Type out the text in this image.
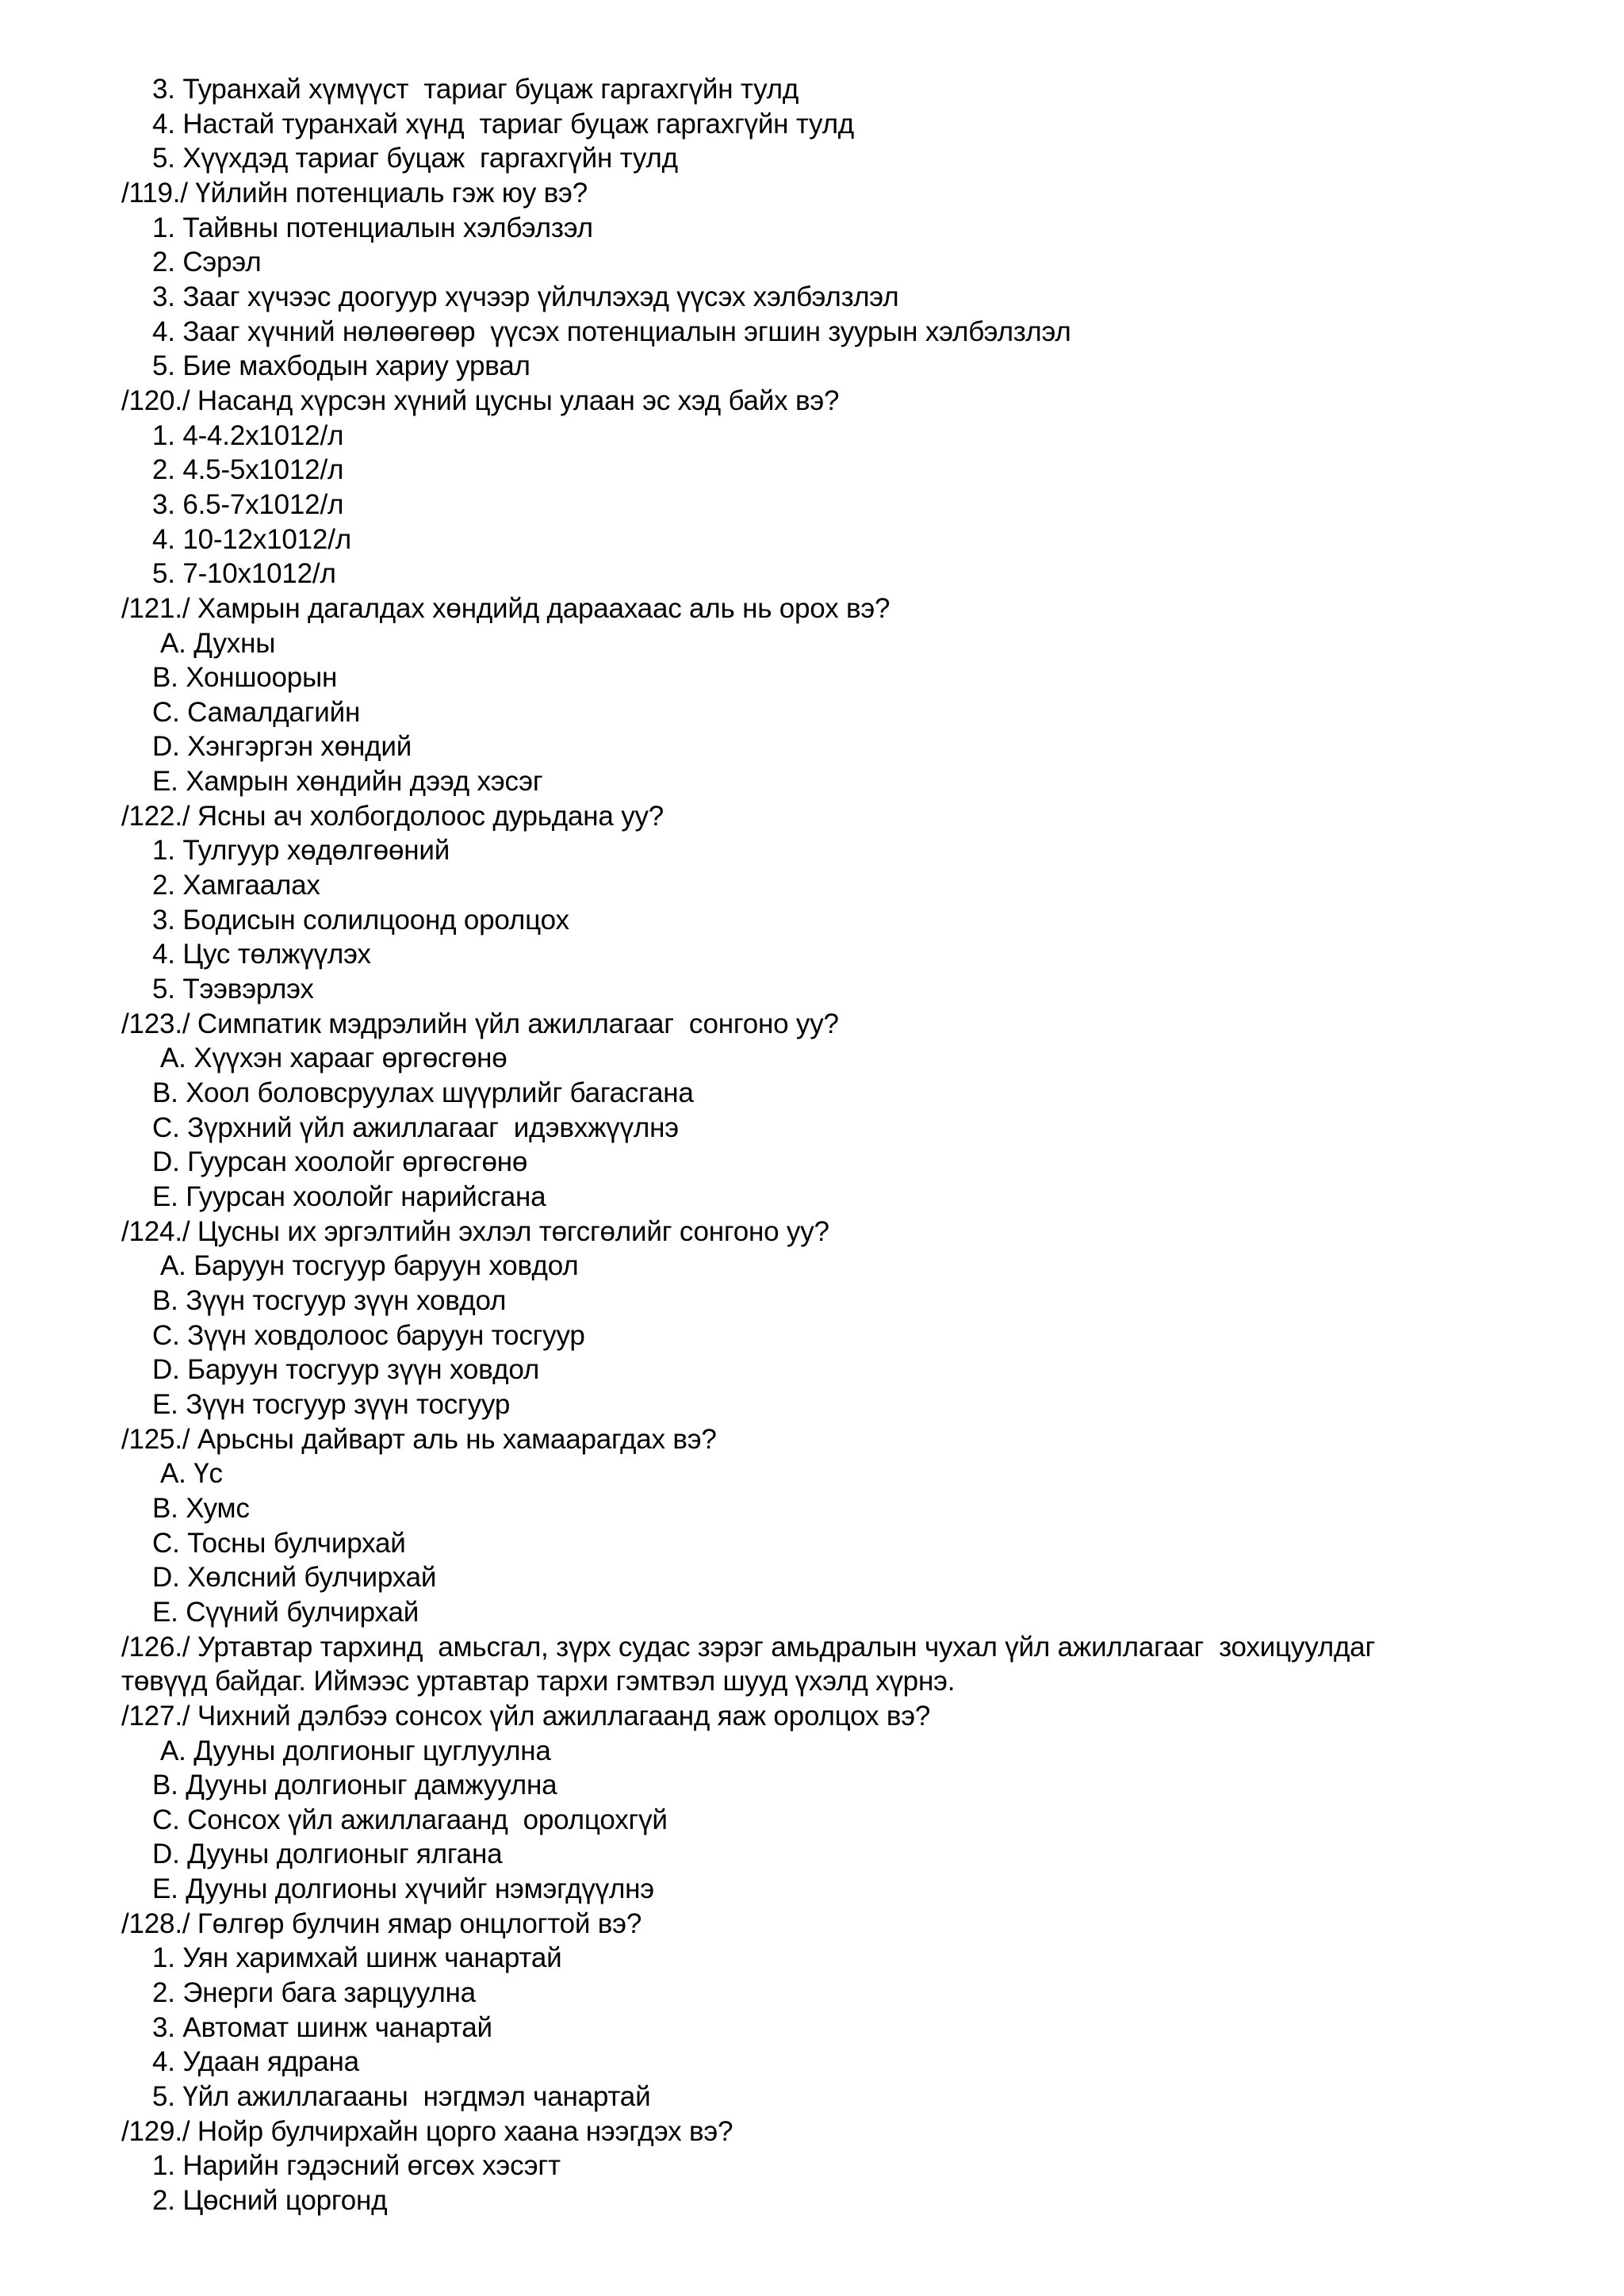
3. Туранхай хүмүүст  тариаг буцаж гаргахгүйн тулд
4. Настай туранхай хүнд  тариаг буцаж гаргахгүйн тулд
5. Хүүхдэд тариаг буцаж  гаргахгүйн тулд
/119./ Үйлийн потенциаль гэж юу вэ?
1. Тайвны потенциалын хэлбэлзэл
2. Сэрэл
3. Зааг хүчээс доогуур хүчээр үйлчлэхэд үүсэх хэлбэлзлэл
4. Зааг хүчний нөлөөгөөр  үүсэх потенциалын эгшин зуурын хэлбэлзлэл
5. Бие махбодын хариу урвал
/120./ Насанд хүрсэн хүний цусны улаан эс хэд байх вэ?
1. 4-4.2х1012/л
2. 4.5-5х1012/л
3. 6.5-7х1012/л
4. 10-12х1012/л
5. 7-10х1012/л
/121./ Хамрын дагалдах хөндийд дараахаас аль нь орох вэ?
A. Духны
B. Хоншоорын
C. Самалдагийн
D. Хэнгэргэн хөндий
E. Хамрын хөндийн дээд хэсэг
/122./ Ясны ач холбогдолоос дурьдана уу?
1. Тулгуур хөдөлгөөний
2. Хамгаалах
3. Бодисын солилцоонд оролцох
4. Цус төлжүүлэх
5. Тээвэрлэх
/123./ Симпатик мэдрэлийн үйл ажиллагааг  сонгоно уу?
A. Хүүхэн харааг өргөсгөнө
B. Хоол боловсруулах шүүрлийг багасгана
C. Зүрхний үйл ажиллагааг  идэвхжүүлнэ
D. Гуурсан хоолойг өргөсгөнө
E. Гуурсан хоолойг нарийсгана
/124./ Цусны их эргэлтийн эхлэл төгсгөлийг сонгоно уу?
A. Баруун тосгуур баруун ховдол
B. Зүүн тосгуур зүүн ховдол
C. Зүүн ховдолоос баруун тосгуур
D. Баруун тосгуур зүүн ховдол
E. Зүүн тосгуур зүүн тосгуур
/125./ Арьсны дайварт аль нь хамаарагдах вэ?
A. Үс
B. Хумс
C. Тосны булчирхай
D. Хөлсний булчирхай
E. Сүүний булчирхай
/126./ Уртавтар тархинд  амьсгал, зүрх судас зэрэг амьдралын чухал үйл ажиллагааг  зохицуулдаг
төвүүд байдаг. Иймээс уртавтар тархи гэмтвэл шууд үхэлд хүрнэ.
/127./ Чихний дэлбээ сонсох үйл ажиллагаанд яаж оролцох вэ?
A. Дууны долгионыг цуглуулна
B. Дууны долгионыг дамжуулна
C. Сонсох үйл ажиллагаанд  оролцохгүй
D. Дууны долгионыг ялгана
E. Дууны долгионы хүчийг нэмэгдүүлнэ
/128./ Гөлгөр булчин ямар онцлогтой вэ?
1. Уян харимхай шинж чанартай
2. Энерги бага зарцуулна
3. Автомат шинж чанартай
4. Удаан ядрана
5. Үйл ажиллагааны  нэгдмэл чанартай
/129./ Нойр булчирхайн цорго хаана нээгдэх вэ?
1. Нарийн гэдэсний өгсөх хэсэгт
2. Цөсний цоргонд
